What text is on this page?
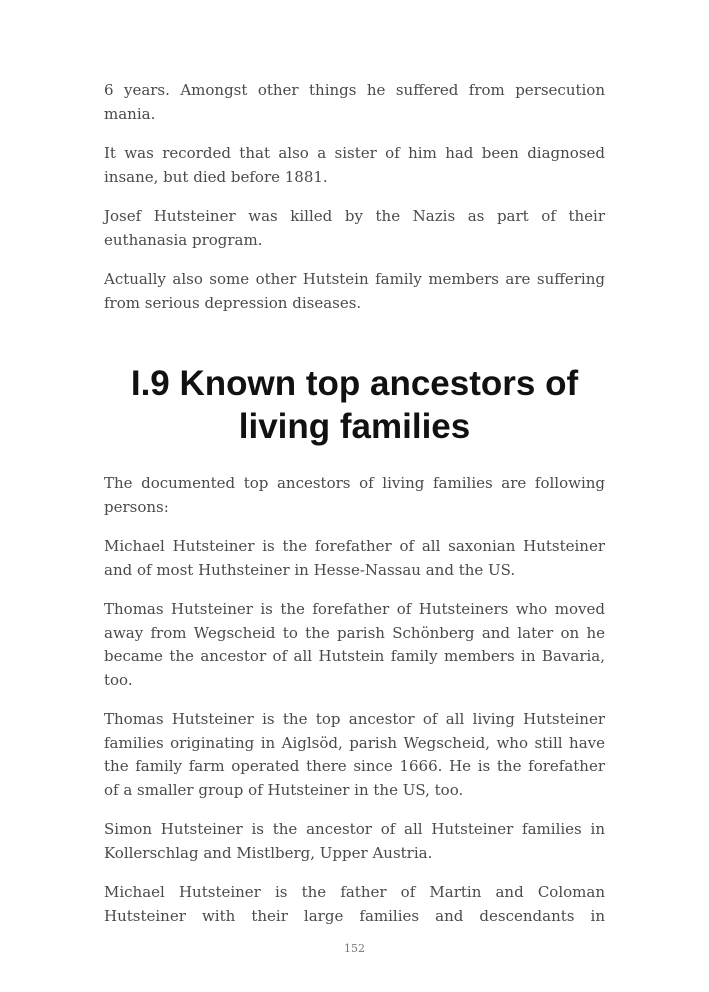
6 years. Amongst other things he suffered from persecution mania.

It was recorded that also a sister of him had been diagnosed insane, but died before 1881.

Josef Hutsteiner was killed by the Nazis as part of their euthanasia program.

Actually also some other Hutstein family members are suffering from serious depression diseases.

I.9 Known top ancestors of living families

The documented top ancestors of living families are following persons:

Michael Hutsteiner is the forefather of all saxonian Hutsteiner and of most Huthsteiner in Hesse-Nassau and the US.

Thomas Hutsteiner is the forefather of Hutsteiners who moved away from Wegscheid to the parish Schönberg and later on he became the ancestor of all Hutstein family members in Bavaria, too.

Thomas Hutsteiner is the top ancestor of all living Hutsteiner families originating in Aiglsöd, parish Wegscheid, who still have the family farm operated there since 1666. He is the forefather of a smaller group of Hutsteiner in the US, too.

Simon Hutsteiner is the ancestor of all Hutsteiner families in Kollerschlag and Mistlberg, Upper Austria.

Michael Hutsteiner is the father of Martin and Coloman Hutsteiner with their large families and descendants in

152
